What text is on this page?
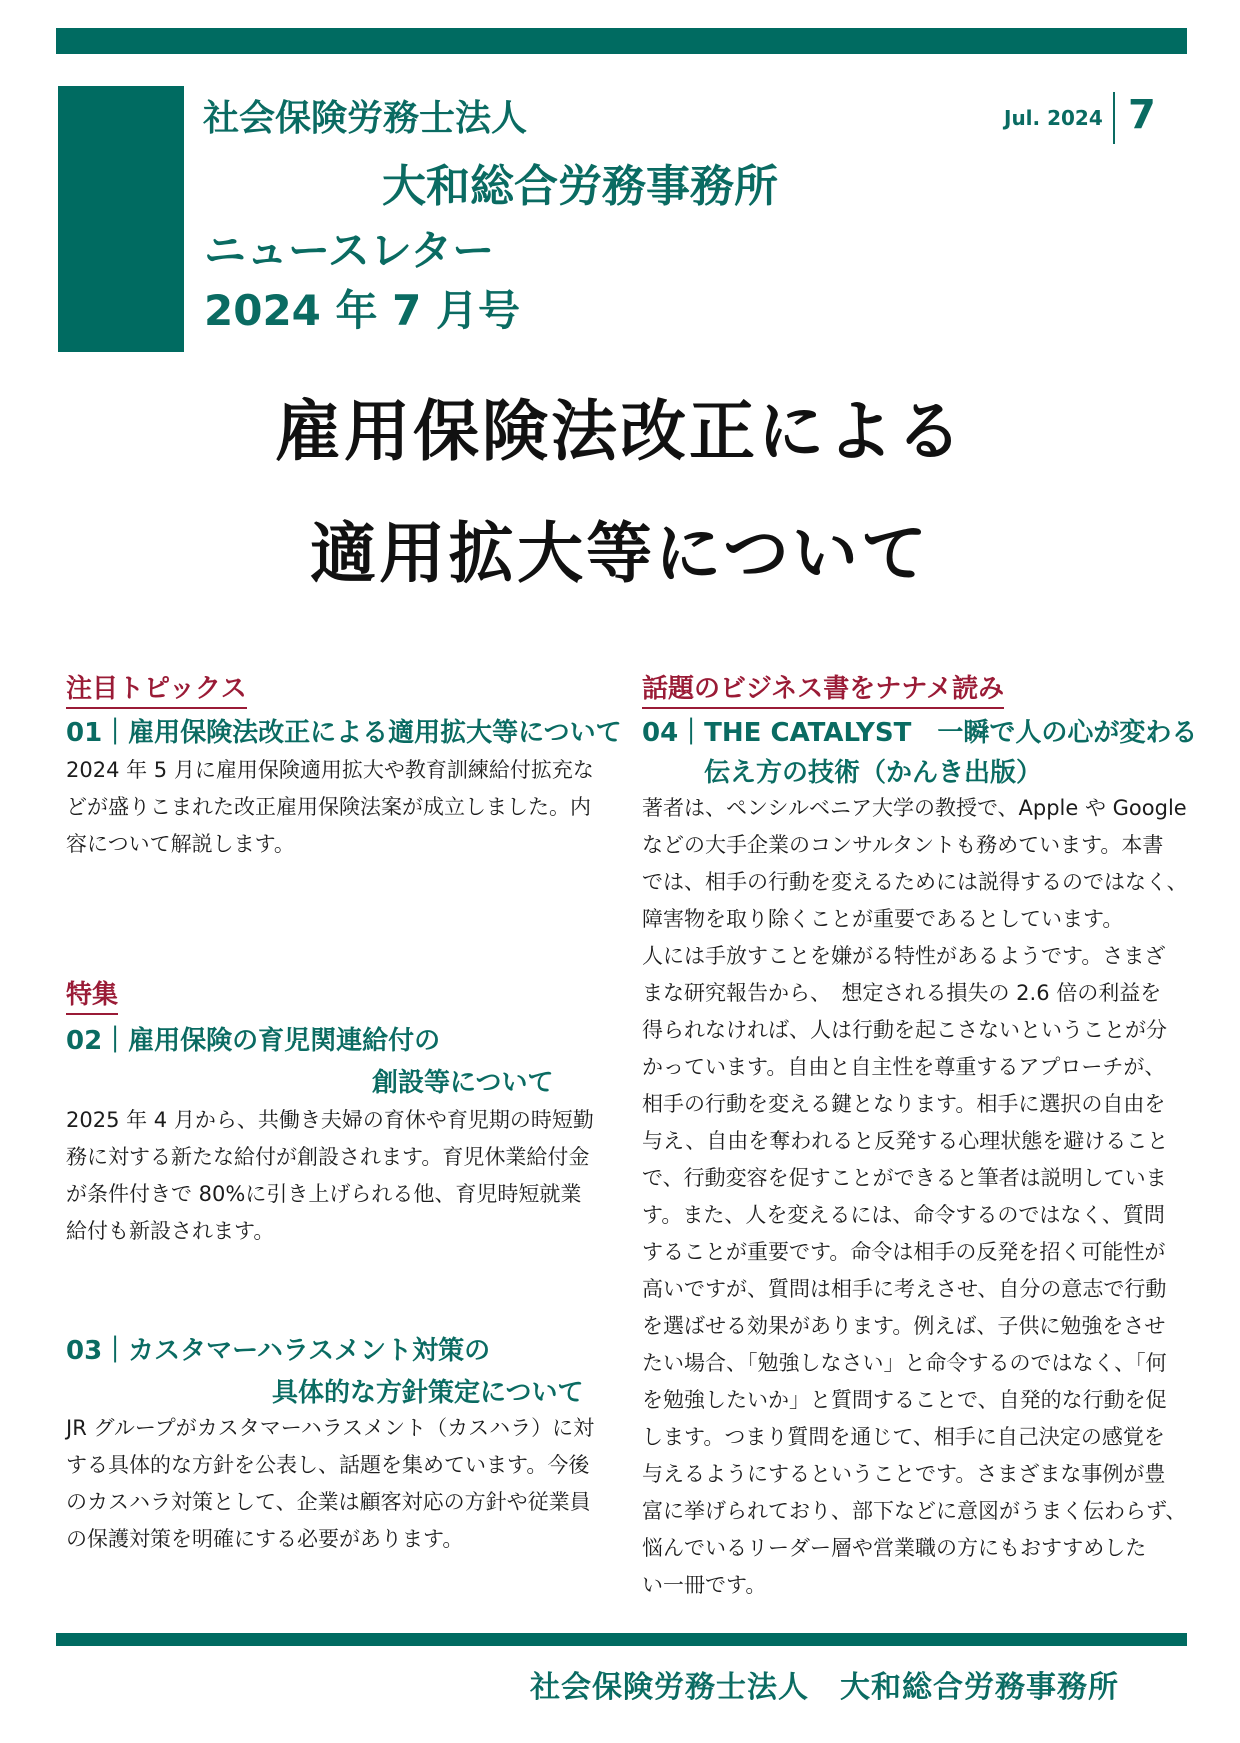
社会保険労務士法人
大和総合労務事務所
ニュースレター
2024 年 7 月号
Jul. 2024 7
雇用保険法改正による
適用拡大等について
注目トピックス
01｜雇用保険法改正による適用拡大等について
2024 年 5 月に雇用保険適用拡大や教育訓練給付拡充な
どが盛りこまれた改正雇用保険法案が成立しました。内
容について解説します。
特集
02｜雇用保険の育児関連給付の
創設等について
2025 年 4 月から、共働き夫婦の育休や育児期の時短勤
務に対する新たな給付が創設されます。育児休業給付金
が条件付きで 80%に引き上げられる他、育児時短就業
給付も新設されます。
03｜カスタマーハラスメント対策の
具体的な方針策定について
JR グループがカスタマーハラスメント（カスハラ）に対
する具体的な方針を公表し、話題を集めています。今後
のカスハラ対策として、企業は顧客対応の方針や従業員
の保護対策を明確にする必要があります。
話題のビジネス書をナナメ読み
04｜THE CATALYST　一瞬で人の心が変わる
伝え方の技術（かんき出版）
著者は、ペンシルベニア大学の教授で、Apple や Google
などの大手企業のコンサルタントも務めています。本書
では、相手の行動を変えるためには説得するのではなく、
障害物を取り除くことが重要であるとしています。
人には手放すことを嫌がる特性があるようです。さまざ
まな研究報告から、　想定される損失の 2.6 倍の利益を
得られなければ、人は行動を起こさないということが分
かっています。自由と自主性を尊重するアプローチが、
相手の行動を変える鍵となります。相手に選択の自由を
与え、自由を奪われると反発する心理状態を避けること
で、行動変容を促すことができると筆者は説明していま
す。また、人を変えるには、命令するのではなく、質問
することが重要です。命令は相手の反発を招く可能性が
高いですが、質問は相手に考えさせ、自分の意志で行動
を選ばせる効果があります。例えば、子供に勉強をさせ
たい場合、「勉強しなさい」と命令するのではなく、「何
を勉強したいか」と質問することで、自発的な行動を促
します。つまり質問を通じて、相手に自己決定の感覚を
与えるようにするということです。さまざまな事例が豊
富に挙げられており、部下などに意図がうまく伝わらず、
悩んでいるリーダー層や営業職の方にもおすすめした
い一冊です。
社会保険労務士法人　大和総合労務事務所
